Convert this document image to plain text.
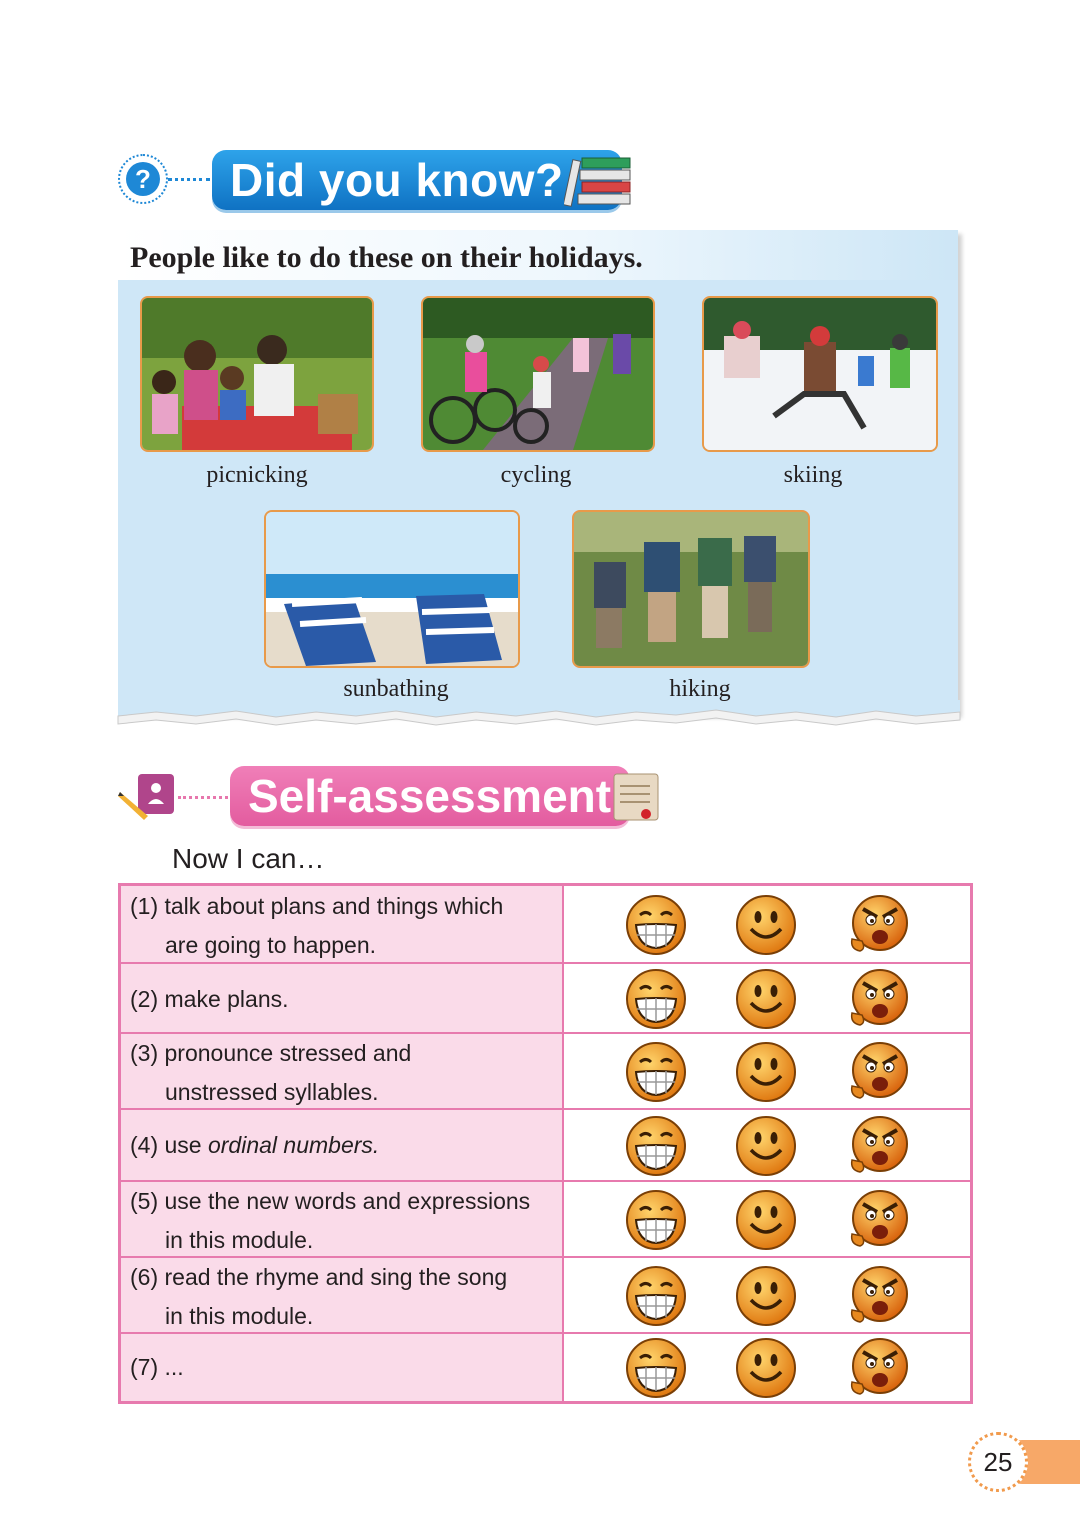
? Did you know?
People like to do these on their holidays.
picnicking	cycling	skiing
sunbathing	hiking
Self-assessment
Now I can…
(1) talk about plans and things which
are going to happen.
(2) make plans.
(3) pronounce stressed and
unstressed syllables.
(4) use ordinal numbers.
(5) use the new words and expressions
in this module.
(6) read the rhyme and sing the song
in this module.
(7) ...
25
